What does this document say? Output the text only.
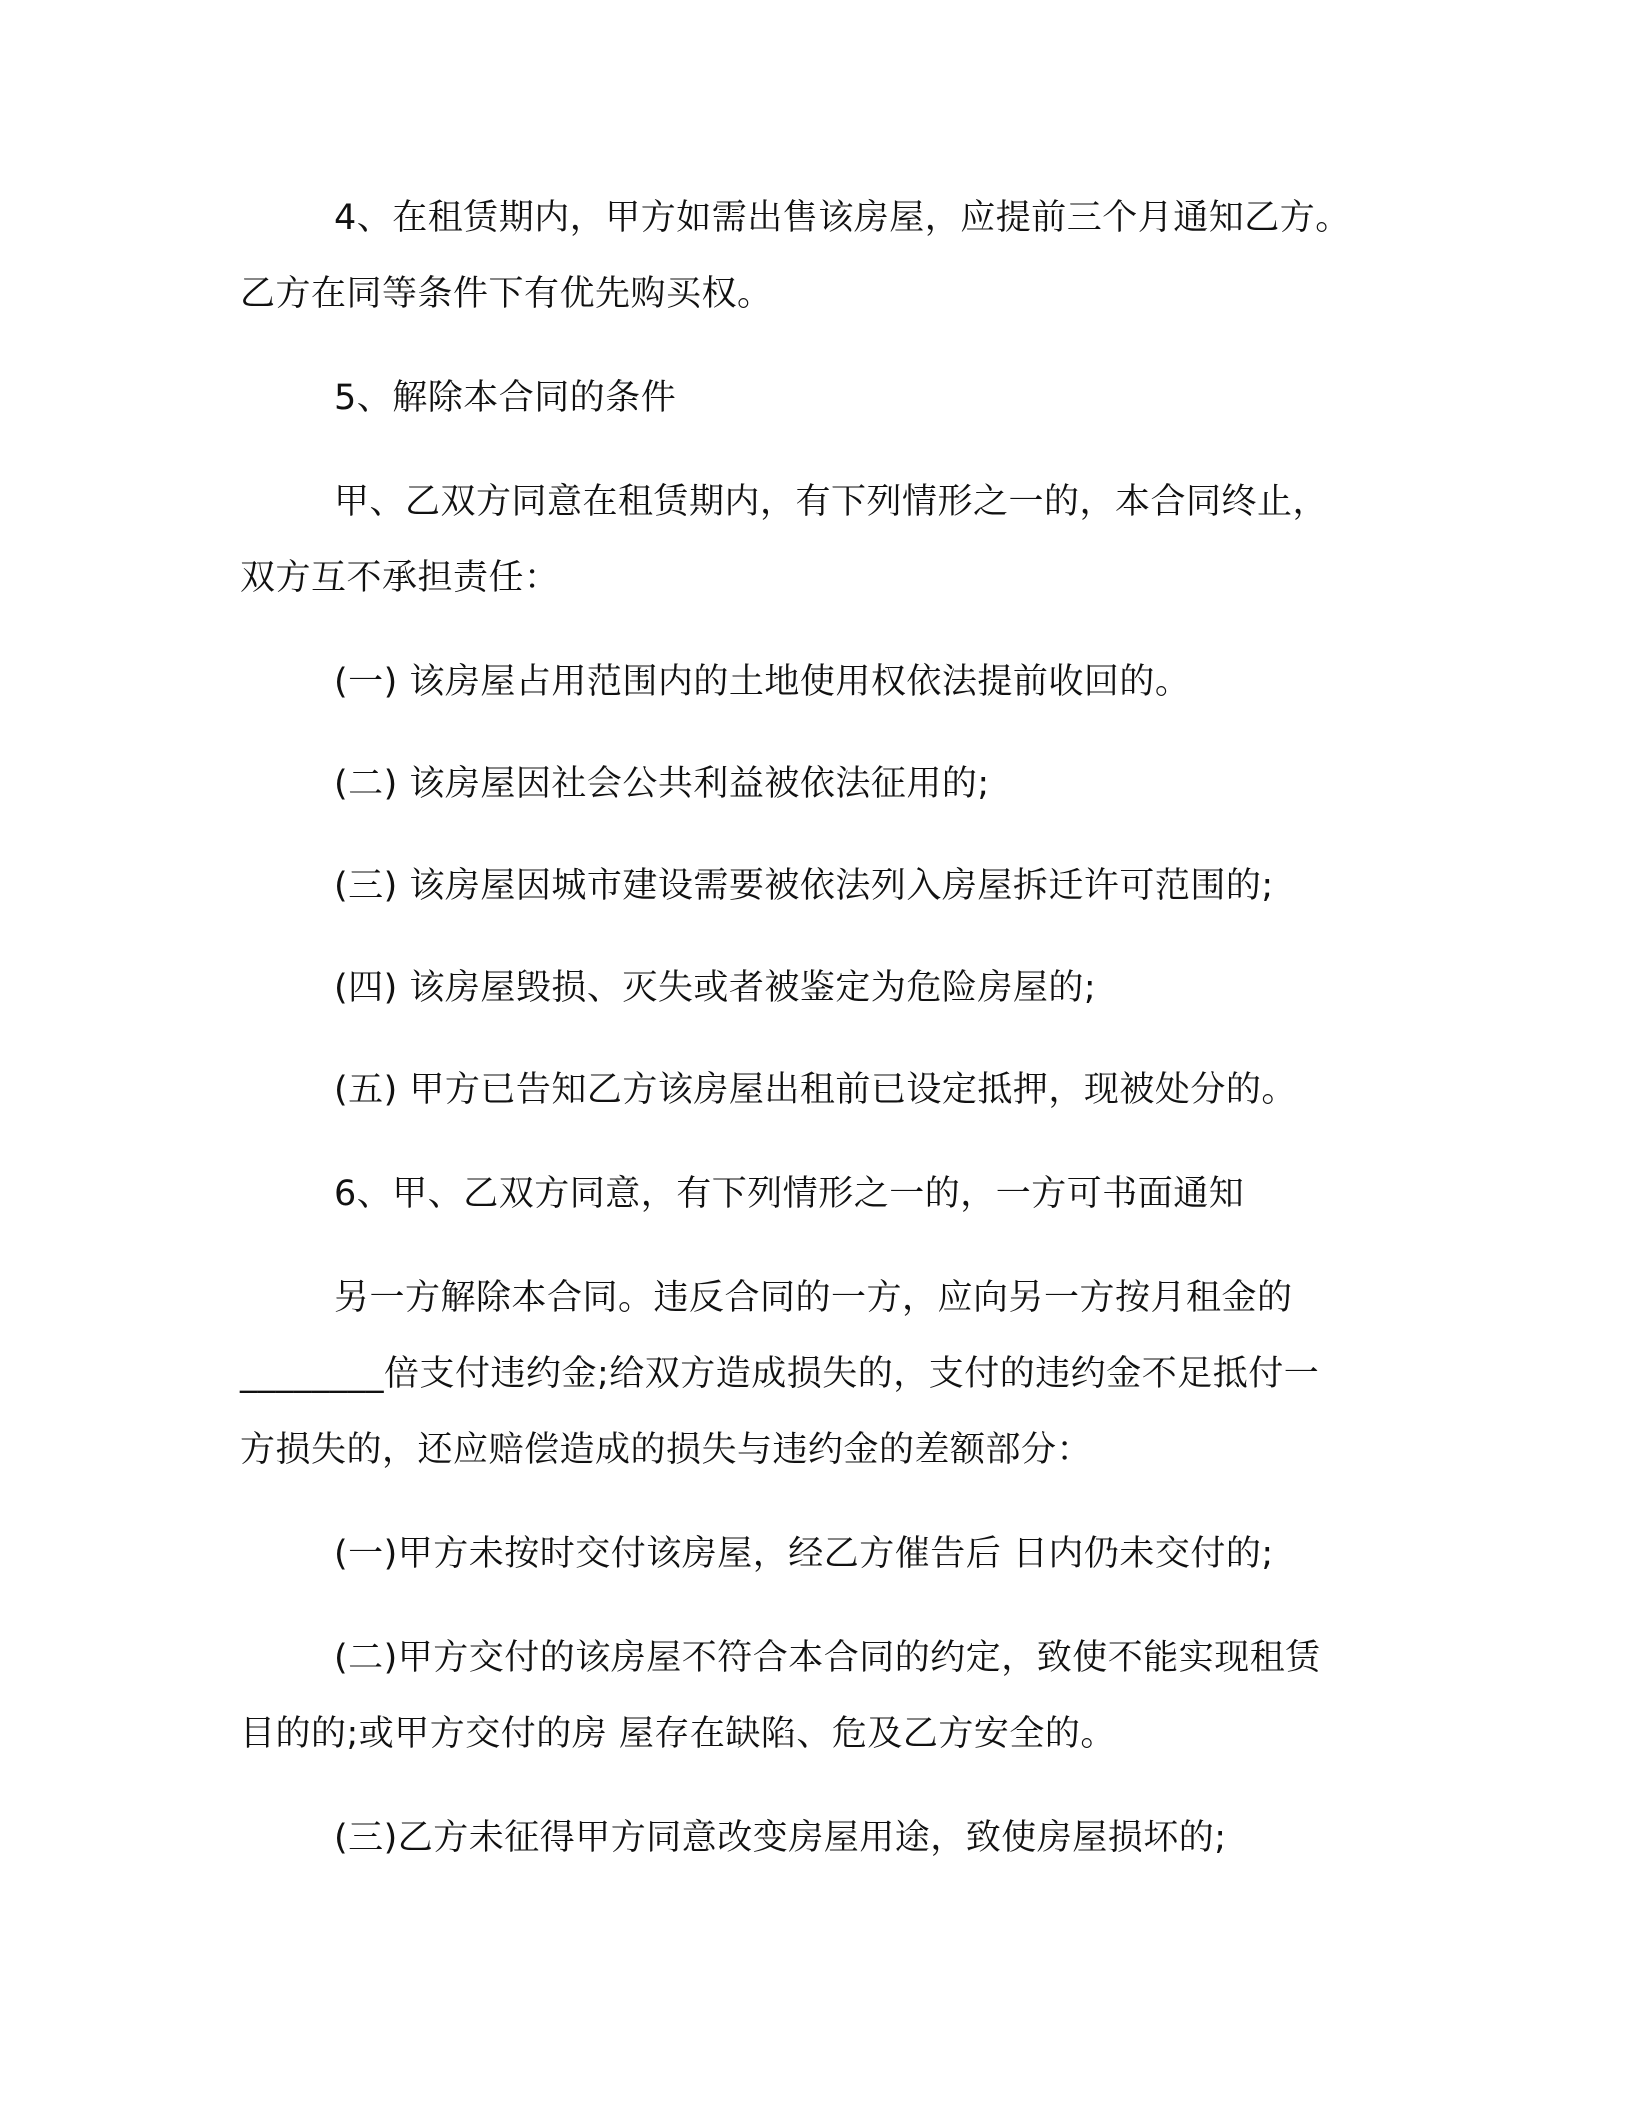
4、在租赁期内，甲方如需出售该房屋，应提前三个月通知乙方。

乙方在同等条件下有优先购买权。

5、解除本合同的条件

甲、乙双方同意在租赁期内，有下列情形之一的，本合同终止，

双方互不承担责任：

(一) 该房屋占用范围内的土地使用权依法提前收回的。

(二) 该房屋因社会公共利益被依法征用的;

(三) 该房屋因城市建设需要被依法列入房屋拆迁许可范围的;

(四) 该房屋毁损、灭失或者被鉴定为危险房屋的;

(五) 甲方已告知乙方该房屋出租前已设定抵押，现被处分的。

6、甲、乙双方同意，有下列情形之一的，一方可书面通知

另一方解除本合同。违反合同的一方，应向另一方按月租金的

________倍支付违约金;给双方造成损失的，支付的违约金不足抵付一

方损失的，还应赔偿造成的损失与违约金的差额部分：

(一)甲方未按时交付该房屋，经乙方催告后 日内仍未交付的;

(二)甲方交付的该房屋不符合本合同的约定，致使不能实现租赁

目的的;或甲方交付的房 屋存在缺陷、危及乙方安全的。

(三)乙方未征得甲方同意改变房屋用途，致使房屋损坏的;
